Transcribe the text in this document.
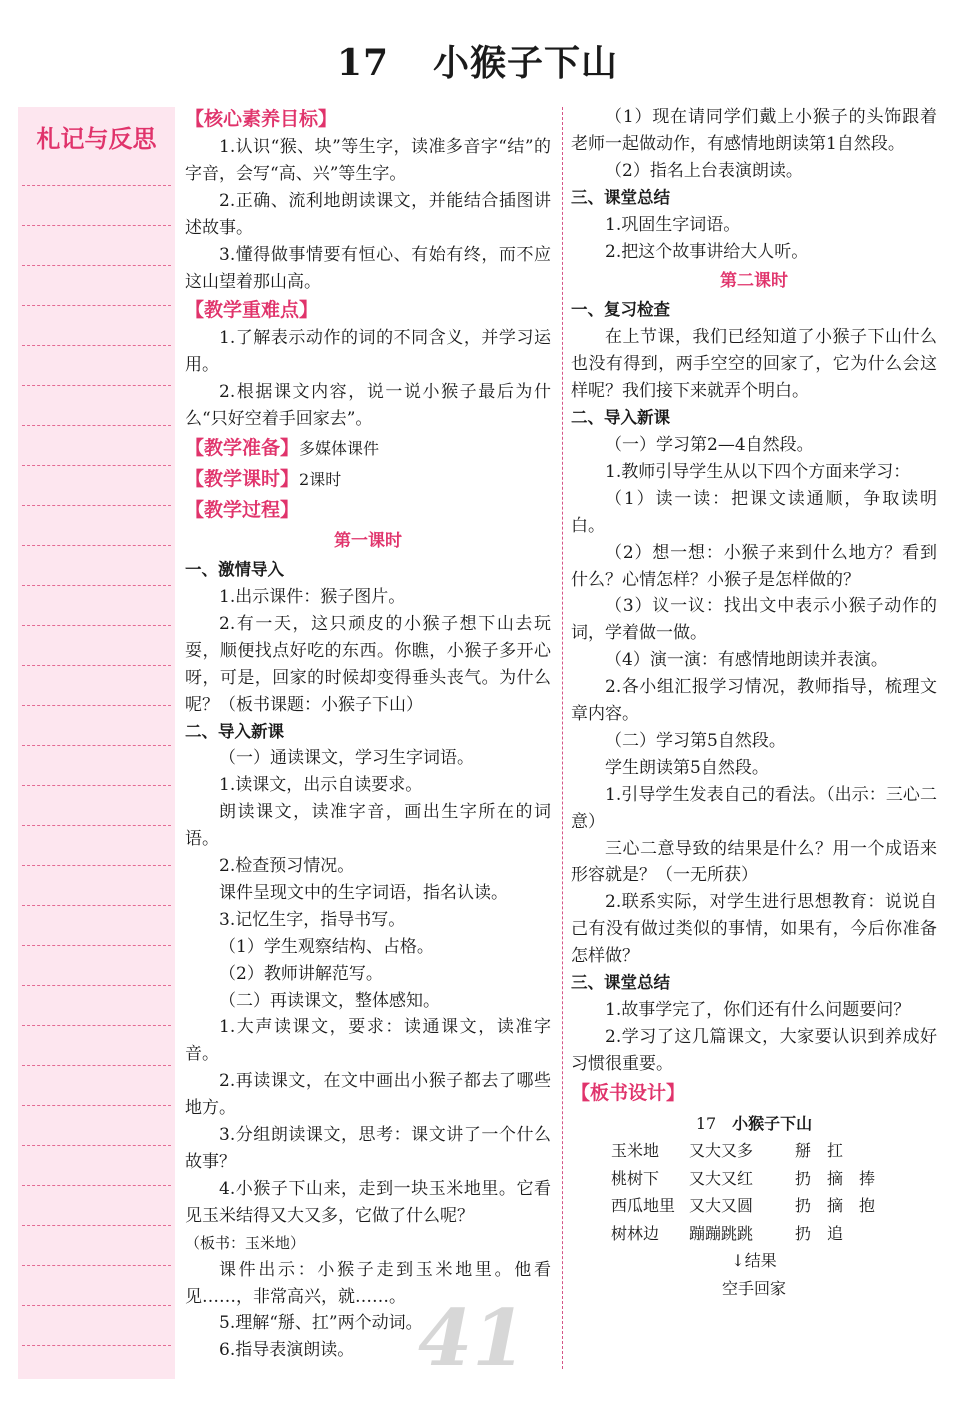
17 小猴子下山
札记与反思
【核心素养目标】

1.认识“猴、块”等生字，读准多音字“结”的字音，会写“高、兴”等生字。

2.正确、流利地朗读课文，并能结合插图讲述故事。

3.懂得做事情要有恒心、有始有终，而不应这山望着那山高。

【教学重难点】

1.了解表示动作的词的不同含义，并学习运用。

2.根据课文内容，说一说小猴子最后为什么“只好空着手回家去”。

【教学准备】多媒体课件
【教学课时】2课时
【教学过程】
第一课时

一、激情导入

1.出示课件：猴子图片。

2.有一天，这只顽皮的小猴子想下山去玩耍，顺便找点好吃的东西。你瞧，小猴子多开心呀，可是，回家的时候却变得垂头丧气。为什么呢？（板书课题：小猴子下山）

二、导入新课

（一）通读课文，学习生字词语。

1.读课文，出示自读要求。

朗读课文，读准字音，画出生字所在的词语。

2.检查预习情况。

课件呈现文中的生字词语，指名认读。

3.记忆生字，指导书写。

（1）学生观察结构、占格。

（2）教师讲解范写。

（二）再读课文，整体感知。

1.大声读课文，要求：读通课文，读准字音。

2.再读课文，在文中画出小猴子都去了哪些地方。

3.分组朗读课文，思考：课文讲了一个什么故事？

4.小猴子下山来，走到一块玉米地里。它看见玉米结得又大又多，它做了什么呢？

（板书：玉米地）

课件出示：小猴子走到玉米地里。他看见……，非常高兴，就……。

5.理解“掰、扛”两个动词。

6.指导表演朗读。

（1）现在请同学们戴上小猴子的头饰跟着老师一起做动作，有感情地朗读第1自然段。

（2）指名上台表演朗读。

三、课堂总结

1.巩固生字词语。

2.把这个故事讲给大人听。

第二课时

一、复习检查

在上节课，我们已经知道了小猴子下山什么也没有得到，两手空空的回家了，它为什么会这样呢？我们接下来就弄个明白。

二、导入新课

（一）学习第2—4自然段。

1.教师引导学生从以下四个方面来学习：

（1）读一读：把课文读通顺，争取读明白。

（2）想一想：小猴子来到什么地方？看到什么？心情怎样？小猴子是怎样做的？

（3）议一议：找出文中表示小猴子动作的词，学着做一做。

（4）演一演：有感情地朗读并表演。

2.各小组汇报学习情况，教师指导，梳理文章内容。

（二）学习第5自然段。

学生朗读第5自然段。

1.引导学生发表自己的看法。（出示：三心二意）

三心二意导致的结果是什么？用一个成语来形容就是？（一无所获）

2.联系实际，对学生进行思想教育：说说自己有没有做过类似的事情，如果有，今后你准备怎样做？

三、课堂总结

1.故事学完了，你们还有什么问题要问？

2.学习了这几篇课文，大家要认识到养成好习惯很重要。

【板书设计】
17 小猴子下山
玉米地 又大又多	掰　扛
桃树下 又大又红	扔　摘　捧
西瓜地里 又大又圆	扔　摘　抱
树林边 蹦蹦跳跳	扔　追
↓结果
空手回家
41
